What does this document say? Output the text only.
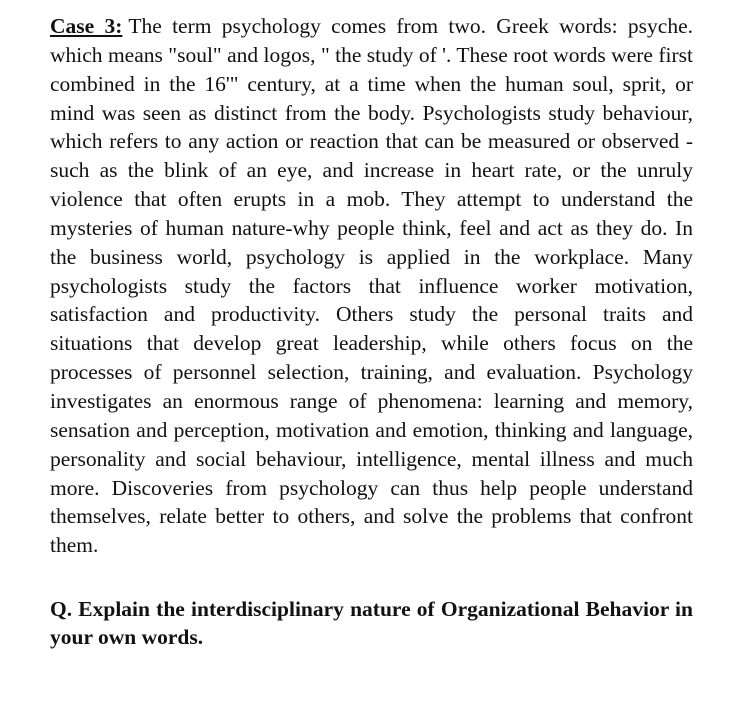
Case 3: The term psychology comes from two. Greek words: psyche. which means "soul" and logos, " the study of '. These root words were first combined in the 16'" century, at a time when the human soul, sprit, or mind was seen as distinct from the body. Psychologists study behaviour, which refers to any action or reaction that can be measured or observed -such as the blink of an eye, and increase in heart rate, or the unruly violence that often erupts in a mob. They attempt to understand the mysteries of human nature-why people think, feel and act as they do. In the business world, psychology is applied in the workplace. Many psychologists study the factors that influence worker motivation, satisfaction and productivity. Others study the personal traits and situations that develop great leadership, while others focus on the processes of personnel selection, training, and evaluation. Psychology investigates an enormous range of phenomena: learning and memory, sensation and perception, motivation and emotion, thinking and language, personality and social behaviour, intelligence, mental illness and much more. Discoveries from psychology can thus help people understand themselves, relate better to others, and solve the problems that confront them.

Q. Explain the interdisciplinary nature of Organizational Behavior in your own words.
